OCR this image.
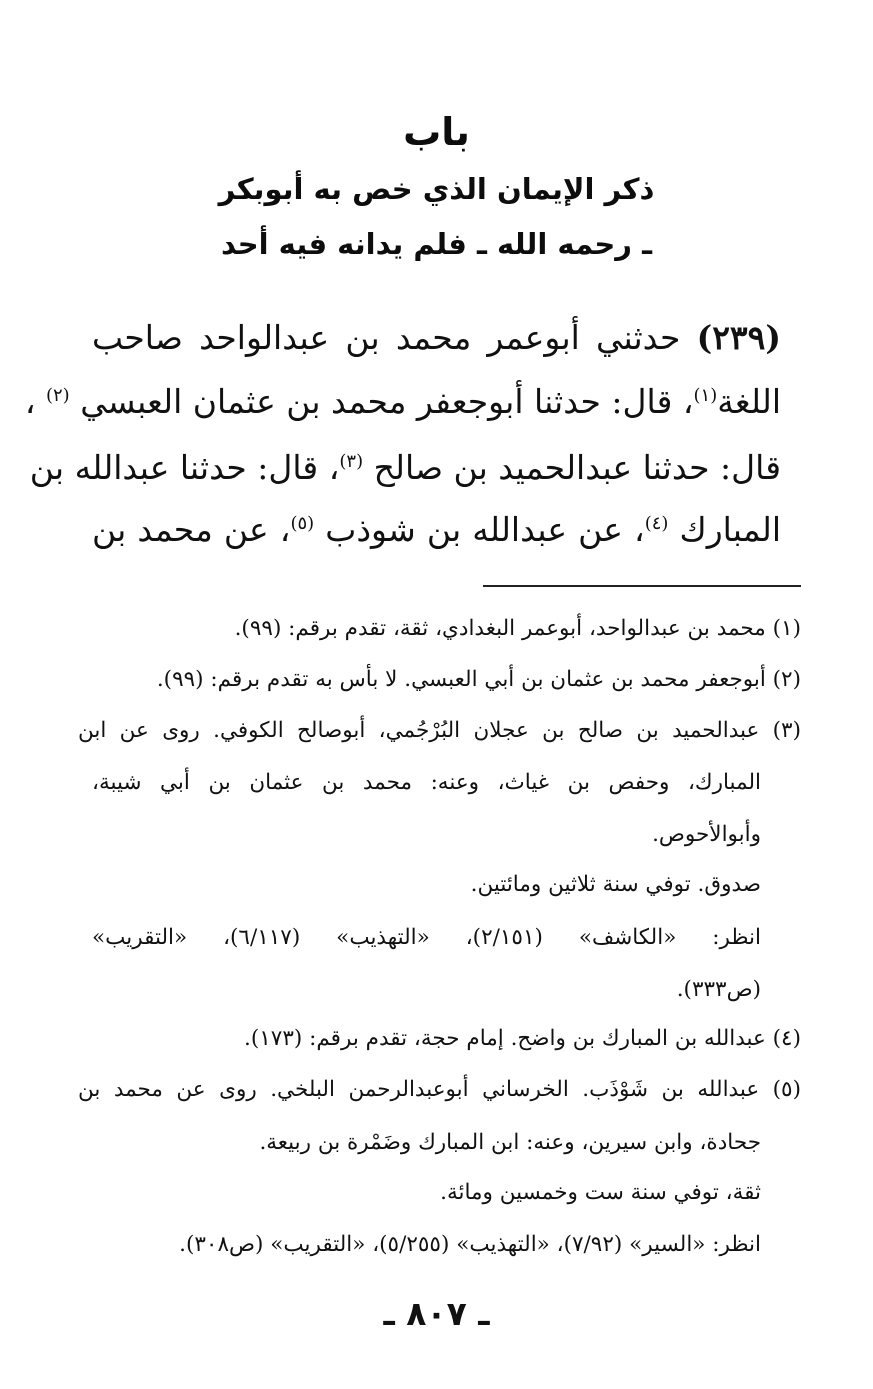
باب
ذكر الإيمان الذي خص به أبوبكر
ـ رحمه الله ـ فلم يدانه فيه أحد
(٢٣٩) حدثني أبوعمر محمد بن عبدالواحد صاحب
اللغة$^{(١)}$، قال: حدثنا أبوجعفر محمد بن عثمان العبسي $^{(٢)}$ ،
قال: حدثنا عبدالحميد بن صالح $^{(٣)}$، قال: حدثنا عبدالله بن
المبارك $^{(٤)}$، عن عبدالله بن شوذب $^{(٥)}$، عن محمد بن
(١) محمد بن عبدالواحد، أبوعمر البغدادي، ثقة، تقدم برقم: (٩٩).
(٢) أبوجعفر محمد بن عثمان بن أبي العبسي. لا بأس به تقدم برقم: (٩٩).
(٣) عبدالحميد بن صالح بن عجلان البُرْجُمي، أبوصالح الكوفي. روى عن ابن
المبارك، وحفص بن غياث، وعنه: محمد بن عثمان بن أبي شيبة،
وأبوالأحوص.
صدوق. توفي سنة ثلاثين ومائتين.
انظر: «الكاشف» (٢/١٥١)، «التهذيب» (٦/١١٧)، «التقريب»
(ص٣٣٣).
(٤) عبدالله بن المبارك بن واضح. إمام حجة، تقدم برقم: (١٧٣).
(٥) عبدالله بن شَوْذَب. الخرساني أبوعبدالرحمن البلخي. روى عن محمد بن
جحادة، وابن سيرين، وعنه: ابن المبارك وضَمْرة بن ربيعة.
ثقة، توفي سنة ست وخمسين ومائة.
انظر: «السير» (٧/٩٢)، «التهذيب» (٥/٢٥٥)، «التقريب» (ص٣٠٨).
ـ ٨٠٧ ـ
